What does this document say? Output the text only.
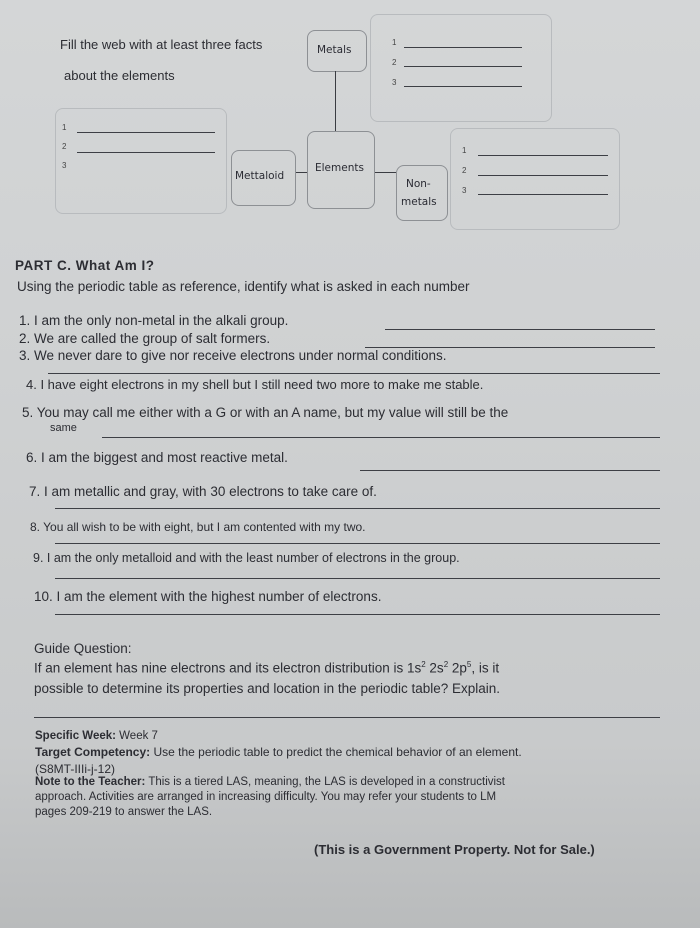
Fill the web with at least three facts
about the elements
Metals
1
2
3
Elements
Mettaloid
1
2
3
Non-
metals
1
2
3
PART C. What Am I?
Using the periodic table as reference, identify what is asked in each number
1. I am the only non-metal in the alkali group.
2. We are called the group of salt formers.
3. We never dare to give nor receive electrons under normal conditions.
4. I have eight electrons in my shell but I still need two more to make me stable.
5. You may call me either with a G or with an A name, but my value will still be the
same
6. I am the biggest and most reactive metal.
7. I am metallic and gray, with 30 electrons to take care of.
8. You all wish to be with eight, but I am contented with my two.
9. I am the only metalloid and with the least number of electrons in the group.
10. I am the element with the highest number of electrons.
Guide Question:
If an element has nine electrons and its electron distribution is $1s^2$ $2s^2$ $2p^5$, is it
possible to determine its properties and location in the periodic table? Explain.
Specific Week: Week 7
Target Competency: Use the periodic table to predict the chemical behavior of an element.
(S8MT-IIIi-j-12)
Note to the Teacher: This is a tiered LAS, meaning, the LAS is developed in a constructivist
approach. Activities are arranged in increasing difficulty. You may refer your students to LM
pages 209-219 to answer the LAS.
(This is a Government Property. Not for Sale.)
